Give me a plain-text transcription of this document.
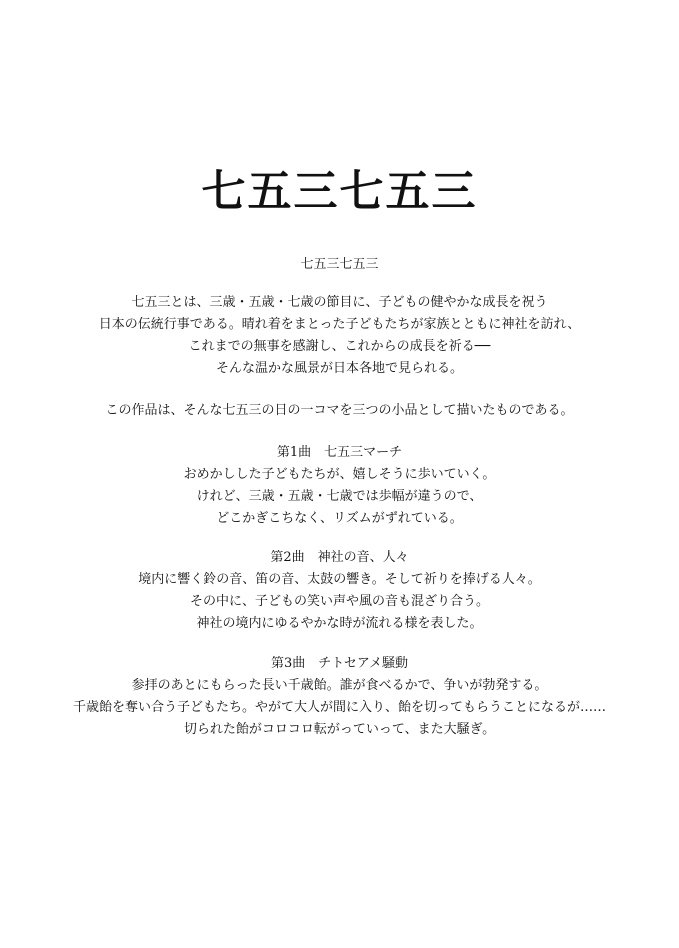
七五三七五三
七五三七五三
七五三とは、三歳・五歳・七歳の節目に、子どもの健やかな成長を祝う
日本の伝統行事である。晴れ着をまとった子どもたちが家族とともに神社を訪れ、
これまでの無事を感謝し、これからの成長を祈る──
そんな温かな風景が日本各地で見られる。
この作品は、そんな七五三の日の一コマを三つの小品として描いたものである。
第1曲 七五三マーチ
おめかしした子どもたちが、嬉しそうに歩いていく。
けれど、三歳・五歳・七歳では歩幅が違うので、
どこかぎこちなく、リズムがずれている。
第2曲 神社の音、人々
境内に響く鈴の音、笛の音、太鼓の響き。そして祈りを捧げる人々。
その中に、子どもの笑い声や風の音も混ざり合う。
神社の境内にゆるやかな時が流れる様を表した。
第3曲 チトセアメ騒動
参拝のあとにもらった長い千歳飴。誰が食べるかで、争いが勃発する。
千歳飴を奪い合う子どもたち。やがて大人が間に入り、飴を切ってもらうことになるが……
切られた飴がコロコロ転がっていって、また大騒ぎ。
